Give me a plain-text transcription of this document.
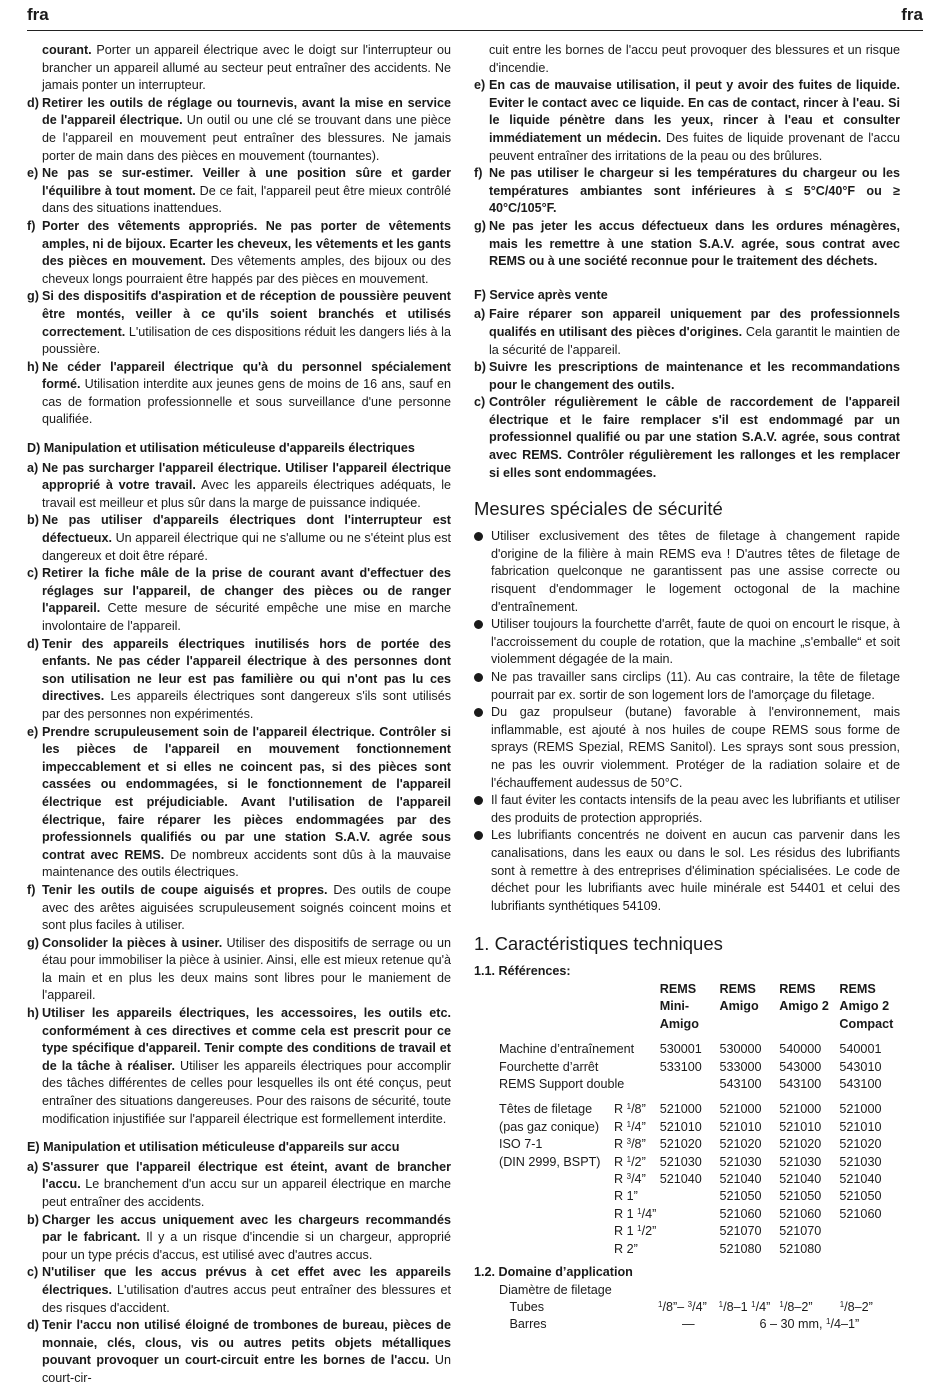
fra	fra
courant. Porter un appareil électrique avec le doigt sur l'interrupteur ou brancher un appareil allumé au secteur peut entraîner des accidents. Ne jamais ponter un interrupteur.
d) Retirer les outils de réglage ou tournevis, avant la mise en service de l'appareil électrique. Un outil ou une clé se trouvant dans une pièce de l'appareil en mouvement peut entraîner des blessures. Ne jamais porter de main dans des pièces en mouvement (tournantes).
e) Ne pas se sur-estimer. Veiller à une position sûre et garder l'équilibre à tout moment. De ce fait, l'appareil peut être mieux contrôlé dans des situations inattendues.
f) Porter des vêtements appropriés. Ne pas porter de vêtements amples, ni de bijoux. Ecarter les cheveux, les vêtements et les gants des pièces en mouvement. Des vêtements amples, des bijoux ou des cheveux longs pourraient être happés par des pièces en mouvement.
g) Si des dispositifs d'aspiration et de réception de poussière peuvent être montés, veiller à ce qu'ils soient branchés et utilisés correctement. L'utilisation de ces dispositions réduit les dangers liés à la poussière.
h) Ne céder l'appareil électrique qu'à du personnel spécialement formé. Utilisation interdite aux jeunes gens de moins de 16 ans, sauf en cas de formation professionnelle et sous surveillance d'une personne qualifiée.
D) Manipulation et utilisation méticuleuse d'appareils électriques
a) Ne pas surcharger l'appareil électrique. Utiliser l'appareil électrique approprié à votre travail. Avec les appareils électriques adéquats, le travail est meilleur et plus sûr dans la marge de puissance indiquée.
b) Ne pas utiliser d'appareils électriques dont l'interrupteur est défectueux. Un appareil électrique qui ne s'allume ou ne s'éteint plus est dangereux et doit être réparé.
c) Retirer la fiche mâle de la prise de courant avant d'effectuer des réglages sur l'appareil, de changer des pièces ou de ranger l'appareil. Cette mesure de sécurité empêche une mise en marche involontaire de l'appareil.
d) Tenir des appareils électriques inutilisés hors de portée des enfants. Ne pas céder l'appareil électrique à des personnes dont son utilisation ne leur est pas familière ou qui n'ont pas lu ces directives. Les appareils électriques sont dangereux s'ils sont utilisés par des personnes non expérimentés.
e) Prendre scrupuleusement soin de l'appareil électrique. Contrôler si les pièces de l'appareil en mouvement fonctionnement impeccablement et si elles ne coincent pas, si des pièces sont cassées ou endommagées, si le fonctionnement de l'appareil électrique est préjudiciable. Avant l'utilisation de l'appareil électrique, faire réparer les pièces endommagées par des professionnels qualifiés ou par une station S.A.V. agrée sous contrat avec REMS. De nombreux accidents sont dûs à la mauvaise maintenance des outils électriques.
f) Tenir les outils de coupe aiguisés et propres. Des outils de coupe avec des arêtes aiguisées scrupuleusement soignés coincent moins et sont plus faciles à utiliser.
g) Consolider la pièces à usiner. Utiliser des dispositifs de serrage ou un étau pour immobiliser la pièce à usinier. Ainsi, elle est mieux retenue qu'à la main et en plus les deux mains sont libres pour le maniement de l'appareil.
h) Utiliser les appareils électriques, les accessoires, les outils etc. conformément à ces directives et comme cela est prescrit pour ce type spécifique d'appareil. Tenir compte des conditions de travail et de la tâche à réaliser. Utiliser les appareils électriques pour accomplir des tâches différentes de celles pour lesquelles ils ont été conçus, peut entraîner des situations dangereuses. Pour des raisons de sécurité, toute modification injustifiée sur l'appareil électrique est formellement interdite.
E) Manipulation et utilisation méticuleuse d'appareils sur accu
a) S'assurer que l'appareil électrique est éteint, avant de brancher l'accu. Le branchement d'un accu sur un appareil électrique en marche peut entraîner des accidents.
b) Charger les accus uniquement avec les chargeurs recommandés par le fabricant. Il y a un risque d'incendie si un chargeur, approprié pour un type précis d'accus, est utilisé avec d'autres accus.
c) N'utiliser que les accus prévus à cet effet avec les appareils électriques. L'utilisation d'autres accus peut entraîner des blessures et des risques d'accident.
d) Tenir l'accu non utilisé éloigné de trombones de bureau, pièces de monnaie, clés, clous, vis ou autres petits objets métalliques pouvant provoquer un court-circuit entre les bornes de l'accu. Un court-cir-
cuit entre les bornes de l'accu peut provoquer des blessures et un risque d'incendie.
e) En cas de mauvaise utilisation, il peut y avoir des fuites de liquide. Eviter le contact avec ce liquide. En cas de contact, rincer à l'eau. Si le liquide pénètre dans les yeux, rincer à l'eau et consulter immédiatement un médecin. Des fuites de liquide provenant de l'accu peuvent entraîner des irritations de la peau ou des brûlures.
f) Ne pas utiliser le chargeur si les températures du chargeur ou les températures ambiantes sont inférieures à ≤ 5°C/40°F ou ≥ 40°C/105°F.
g) Ne pas jeter les accus défectueux dans les ordures ménagères, mais les remettre à une station S.A.V. agrée, sous contrat avec REMS ou à une société reconnue pour le traitement des déchets.
F) Service après vente
a) Faire réparer son appareil uniquement par des professionnels qualifés en utilisant des pièces d'origines. Cela garantit le maintien de la sécurité de l'appareil.
b) Suivre les prescriptions de maintenance et les recommandations pour le changement des outils.
c) Contrôler régulièrement le câble de raccordement de l'appareil électrique et le faire remplacer s'il est endommagé par un professionnel qualifié ou par une station S.A.V. agrée, sous contrat avec REMS. Contrôler régulièrement les rallonges et les remplacer si elles sont endommagées.
Mesures spéciales de sécurité
Utiliser exclusivement des têtes de filetage à changement rapide d'origine de la filière à main REMS eva ! D'autres têtes de filetage de fabrication quelconque ne garantissent pas une assise correcte ou risquent d'endommager le logement octogonal de la machine d'entraînement.
Utiliser toujours la fourchette d'arrêt, faute de quoi on encourt le risque, à l'accroissement du couple de rotation, que la machine „s'emballe“ et soit violemment dégagée de la main.
Ne pas travailler sans circlips (11). Au cas contraire, la tête de filetage pourrait par ex. sortir de son logement lors de l'amorçage du filetage.
Du gaz propulseur (butane) favorable à l'environnement, mais inflammable, est ajouté à nos huiles de coupe REMS sous forme de sprays (REMS Spezial, REMS Sanitol). Les sprays sont sous pression, ne pas les ouvrir violemment. Protéger de la radiation solaire et de l'échauffement audessus de 50°C.
Il faut éviter les contacts intensifs de la peau avec les lubrifiants et utiliser des produits de protection appropriés.
Les lubrifiants concentrés ne doivent en aucun cas parvenir dans les canalisations, dans les eaux ou dans le sol. Les résidus des lubrifiants sont à remettre à des entreprises d'élimination spécialisées. Le code de déchet pour les lubrifiants avec huile minérale est 54401 et celui des lubrifiants synthétiques 54109.
1. Caractéristiques techniques
1.1. Références:
		REMS	REMS	REMS	REMS
		Mini-	Amigo	Amigo 2	Amigo 2
		Amigo			Compact

Machine d’entraînement		530001	530000	540000	540001
Fourchette d’arrêt		533100	533000	543000	543010
REMS Support double			543100	543100	543100

Têtes de filetage	R $^1$/8”	521000	521000	521000	521000
(pas gaz conique)	R $^1$/4”	521010	521010	521010	521010
ISO 7-1	R $^3$/8”	521020	521020	521020	521020
(DIN 2999, BSPT)	R $^1$/2”	521030	521030	521030	521030
	R $^3$/4”	521040	521040	521040	521040
	R 1”		521050	521050	521050
	R 1 $^1$/4”		521060	521060	521060
	R 1 $^1$/2”		521070	521070	
	R 2”		521080	521080	
1.2. Domaine d’application
Diamètre de filetage					
Tubes		$^1$/8”– $^3$/4”	$^1$/8–1 $^1$/4”	$^1$/8–2”	$^1$/8–2”
Barres		—	6 – 30 mm, $^1$/4–1”		
